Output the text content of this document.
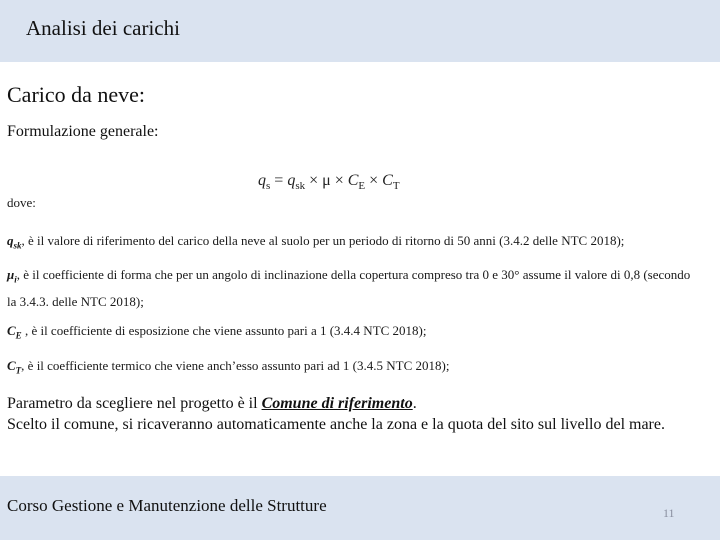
Analisi dei carichi
Carico da neve:
Formulazione generale:
$q_s = q_{sk} \times \mu \times C_E \times C_T$
dove:
$q_{sk}$, è il valore di riferimento del carico della neve al suolo per un periodo di ritorno di 50 anni (3.4.2 delle NTC 2018);
$\mu_i$, è il coefficiente di forma che per un angolo di inclinazione della copertura compreso tra 0 e 30° assume il valore di 0,8 (secondo la 3.4.3. delle NTC 2018);
$C_E$ , è il coefficiente di esposizione che viene assunto pari a 1 (3.4.4 NTC 2018);
$C_T$, è il coefficiente termico che viene anch’esso assunto pari ad 1 (3.4.5 NTC 2018);
Parametro da scegliere nel progetto è il Comune di riferimento.
Scelto il comune, si ricaveranno automaticamente anche la zona e la quota del sito sul livello del mare.
Corso Gestione e Manutenzione delle Strutture	11
